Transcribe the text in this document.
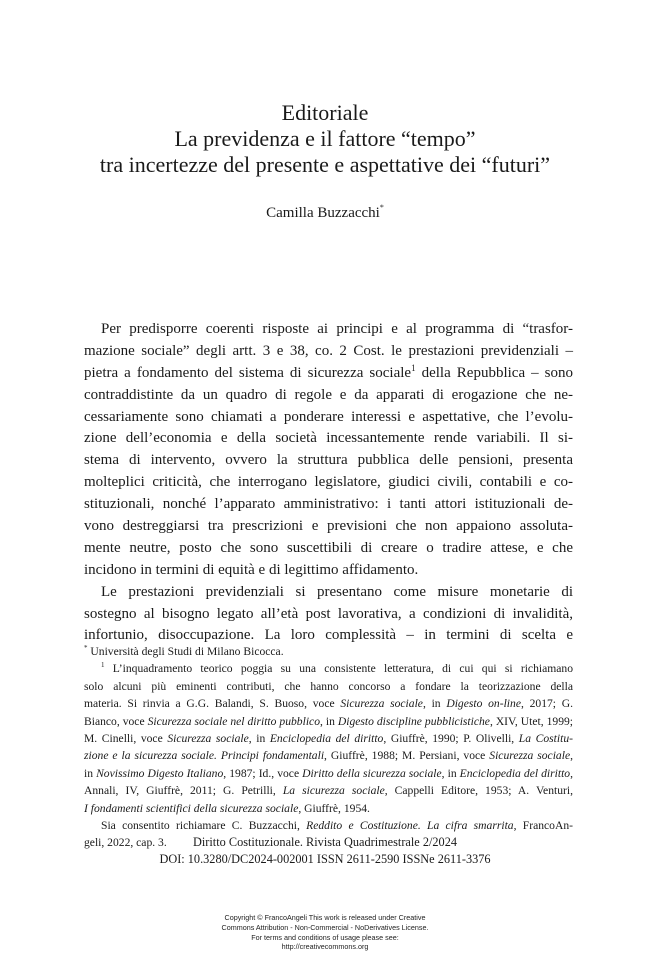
Editoriale
La previdenza e il fattore “tempo”
tra incertezze del presente e aspettative dei “futuri”
Camilla Buzzacchi*
Per predisporre coerenti risposte ai principi e al programma di “trasfor-
mazione sociale” degli artt. 3 e 38, co. 2 Cost. le prestazioni previdenziali –
pietra a fondamento del sistema di sicurezza sociale$^1$ della Repubblica – sono
contraddistinte da un quadro di regole e da apparati di erogazione che ne-
cessariamente sono chiamati a ponderare interessi e aspettative, che l’evolu-
zione dell’economia e della società incessantemente rende variabili. Il si-
stema di intervento, ovvero la struttura pubblica delle pensioni, presenta
molteplici criticità, che interrogano legislatore, giudici civili, contabili e co-
stituzionali, nonché l’apparato amministrativo: i tanti attori istituzionali de-
vono destreggiarsi tra prescrizioni e previsioni che non appaiono assoluta-
mente neutre, posto che sono suscettibili di creare o tradire attese, e che
incidono in termini di equità e di legittimo affidamento.
Le prestazioni previdenziali si presentano come misure monetarie di
sostegno al bisogno legato all’età post lavorativa, a condizioni di invalidità,
infortunio, disoccupazione. La loro complessità – in termini di scelta e
* Università degli Studi di Milano Bicocca.
$^1$ L’inquadramento teorico poggia su una consistente letteratura, di cui qui si richiamano
solo alcuni più eminenti contributi, che hanno concorso a fondare la teorizzazione della
materia. Si rinvia a G.G. Balandi, S. Buoso, voce Sicurezza sociale, in Digesto on-line, 2017; G.
Bianco, voce Sicurezza sociale nel diritto pubblico, in Digesto discipline pubblicistiche, XIV, Utet, 1999;
M. Cinelli, voce Sicurezza sociale, in Enciclopedia del diritto, Giuffrè, 1990; P. Olivelli, La Costitu-
zione e la sicurezza sociale. Principi fondamentali, Giuffrè, 1988; M. Persiani, voce Sicurezza sociale,
in Novissimo Digesto Italiano, 1987; Id., voce Diritto della sicurezza sociale, in Enciclopedia del diritto,
Annali, IV, Giuffrè, 2011; G. Petrilli, La sicurezza sociale, Cappelli Editore, 1953; A. Venturi,
I fondamenti scientifici della sicurezza sociale, Giuffrè, 1954.
Sia consentito richiamare C. Buzzacchi, Reddito e Costituzione. La cifra smarrita, FrancoAn-
geli, 2022, cap. 3.	Diritto Costituzionale. Rivista Quadrimestrale 2/2024
DOI: 10.3280/DC2024-002001 ISSN 2611-2590 ISSNe 2611-3376
Copyright © FrancoAngeli This work is released under Creative
Commons Attribution - Non-Commercial - NoDerivatives License.
For terms and conditions of usage please see:
http://creativecommons.org
